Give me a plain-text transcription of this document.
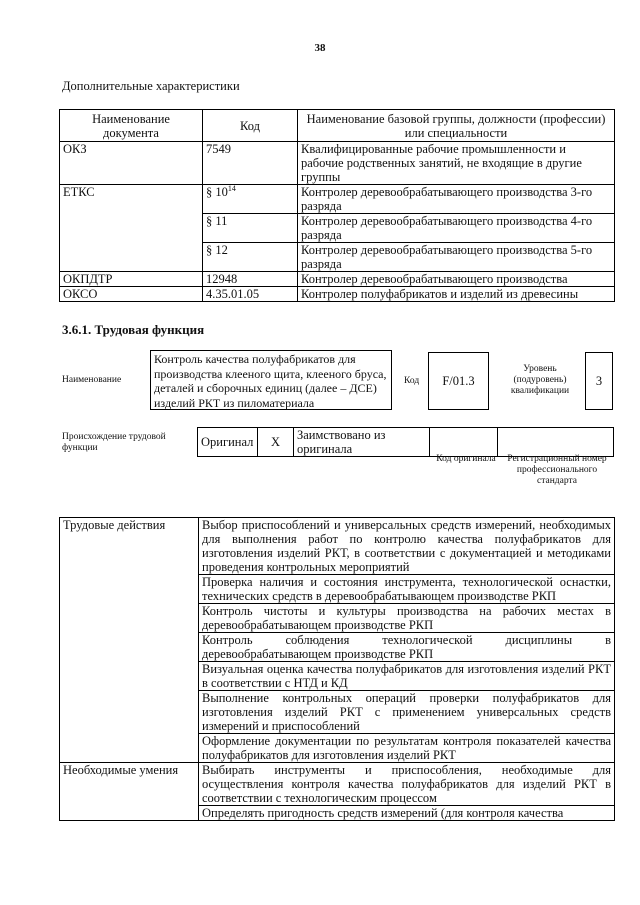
38
Дополнительные характеристики
Наименование документа	Код	Наименование базовой группы, должности (профессии) или специальности
ОКЗ	7549	Квалифицированные рабочие промышленности и рабочие родственных занятий, не входящие в другие группы
ЕТКС	§ $10^{14}$	Контролер деревообрабатывающего производства 3-го разряда
	§ 11	Контролер деревообрабатывающего производства 4-го разряда
	§ 12	Контролер деревообрабатывающего производства 5-го разряда
ОКПДТР	12948	Контролер деревообрабатывающего производства
ОКСО	4.35.01.05	Контролер полуфабрикатов и изделий из древесины
3.6.1. Трудовая функция
Наименование
Контроль качества полуфабрикатов для производства клееного щита, клееного бруса, деталей и сборочных единиц (далее – ДСЕ) изделий РКТ из пиломатериала
Код	F/01.3
Уровень (подуровень) квалификации
3
Происхождение трудовой функции	Оригинал	X	Заимствовано из оригинала		
Код оригинала	Регистрационный номер профессионального стандарта
Трудовые действия	Выбор приспособлений и универсальных средств измерений, необходимых для выполнения работ по контролю качества полуфабрикатов для изготовления изделий РКТ, в соответствии с документацией и методиками проведения контрольных мероприятий
	Проверка наличия и состояния инструмента, технологической оснастки, технических средств в деревообрабатывающем производстве РКП
	Контроль чистоты и культуры производства на рабочих местах в деревообрабатывающем производстве РКП
	Контроль соблюдения технологической дисциплины в деревообрабатывающем производстве РКП
	Визуальная оценка качества полуфабрикатов для изготовления изделий РКТ в соответствии с НТД и КД
	Выполнение контрольных операций проверки полуфабрикатов для изготовления изделий РКТ с применением универсальных средств измерений и приспособлений
	Оформление документации по результатам контроля показателей качества полуфабрикатов для изготовления изделий РКТ
Необходимые умения	Выбирать инструменты и приспособления, необходимые для осуществления контроля качества полуфабрикатов для изделий РКТ в соответствии с технологическим процессом
	Определять пригодность средств измерений (для контроля качества
